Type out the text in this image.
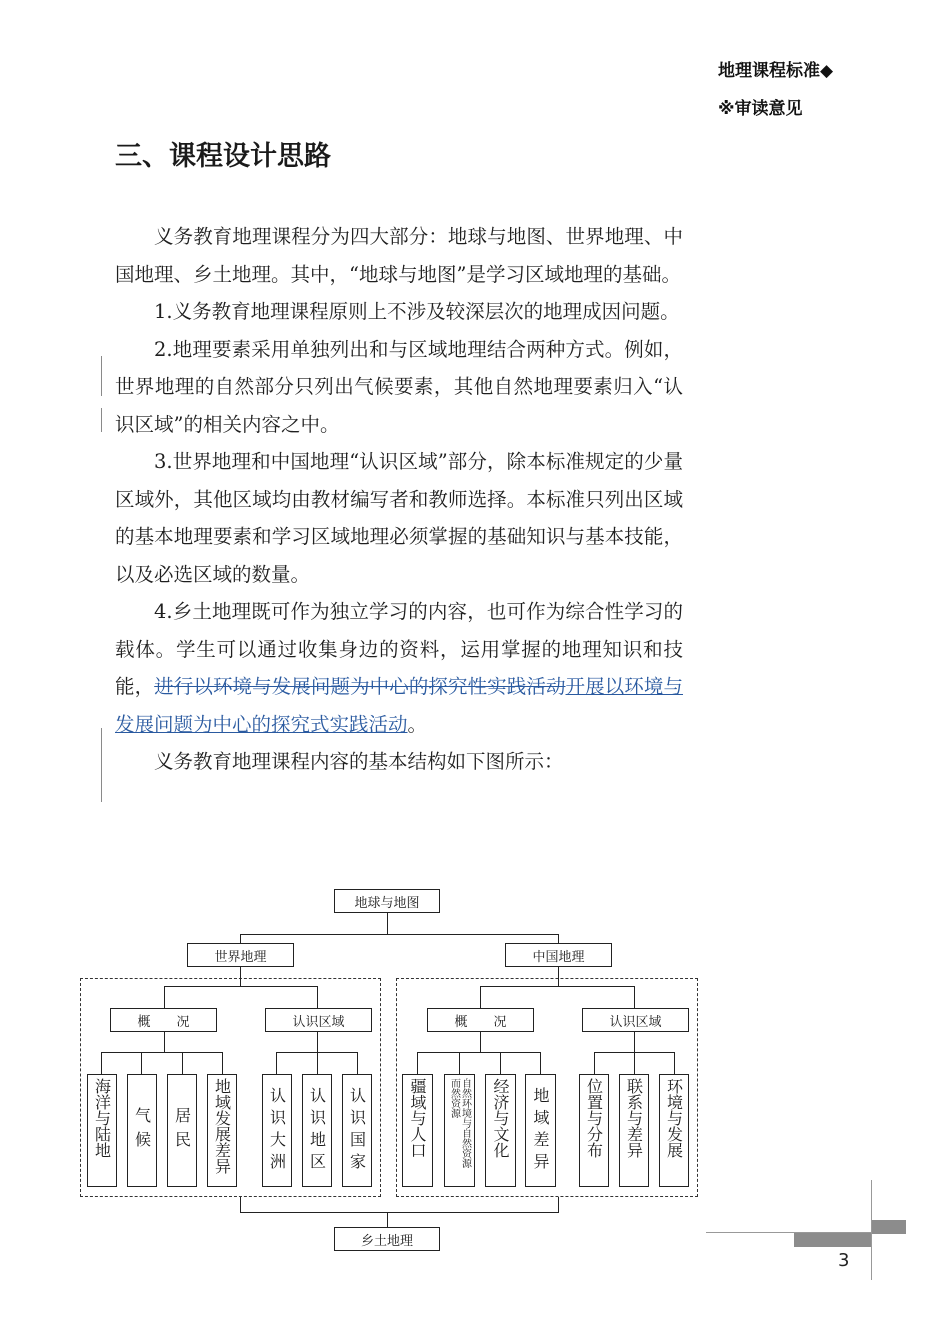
地理课程标准◆
※审读意见
三、课程设计思路

义务教育地理课程分为四大部分：地球与地图、世界地理、中国地理、乡土地理。其中，“地球与地图”是学习区域地理的基础。

1.义务教育地理课程原则上不涉及较深层次的地理成因问题。

2.地理要素采用单独列出和与区域地理结合两种方式。例如，世界地理的自然部分只列出气候要素，其他自然地理要素归入“认识区域”的相关内容之中。

3.世界地理和中国地理“认识区域”部分，除本标准规定的少量区域外，其他区域均由教材编写者和教师选择。本标准只列出区域的基本地理要素和学习区域地理必须掌握的基础知识与基本技能，以及必选区域的数量。

4.乡土地理既可作为独立学习的内容，也可作为综合性学习的载体。学生可以通过收集身边的资料，运用掌握的地理知识和技能，进行以环境与发展问题为中心的探究性实践活动开展以环境与发展问题为中心的探究式实践活动。

义务教育地理课程内容的基本结构如下图所示：

地球与地图
世界地理	中国地理
概　　况	认识区域	概　　况	认识区域
海洋与陆地	气候	居民	地域发展差异	认识大洲	认识地区	认识国家	疆域与人口	自然环境与自然资源
而然资源	经济与文化	地域差异	位置与分布	联系与差异	环境与发展
乡土地理
3
